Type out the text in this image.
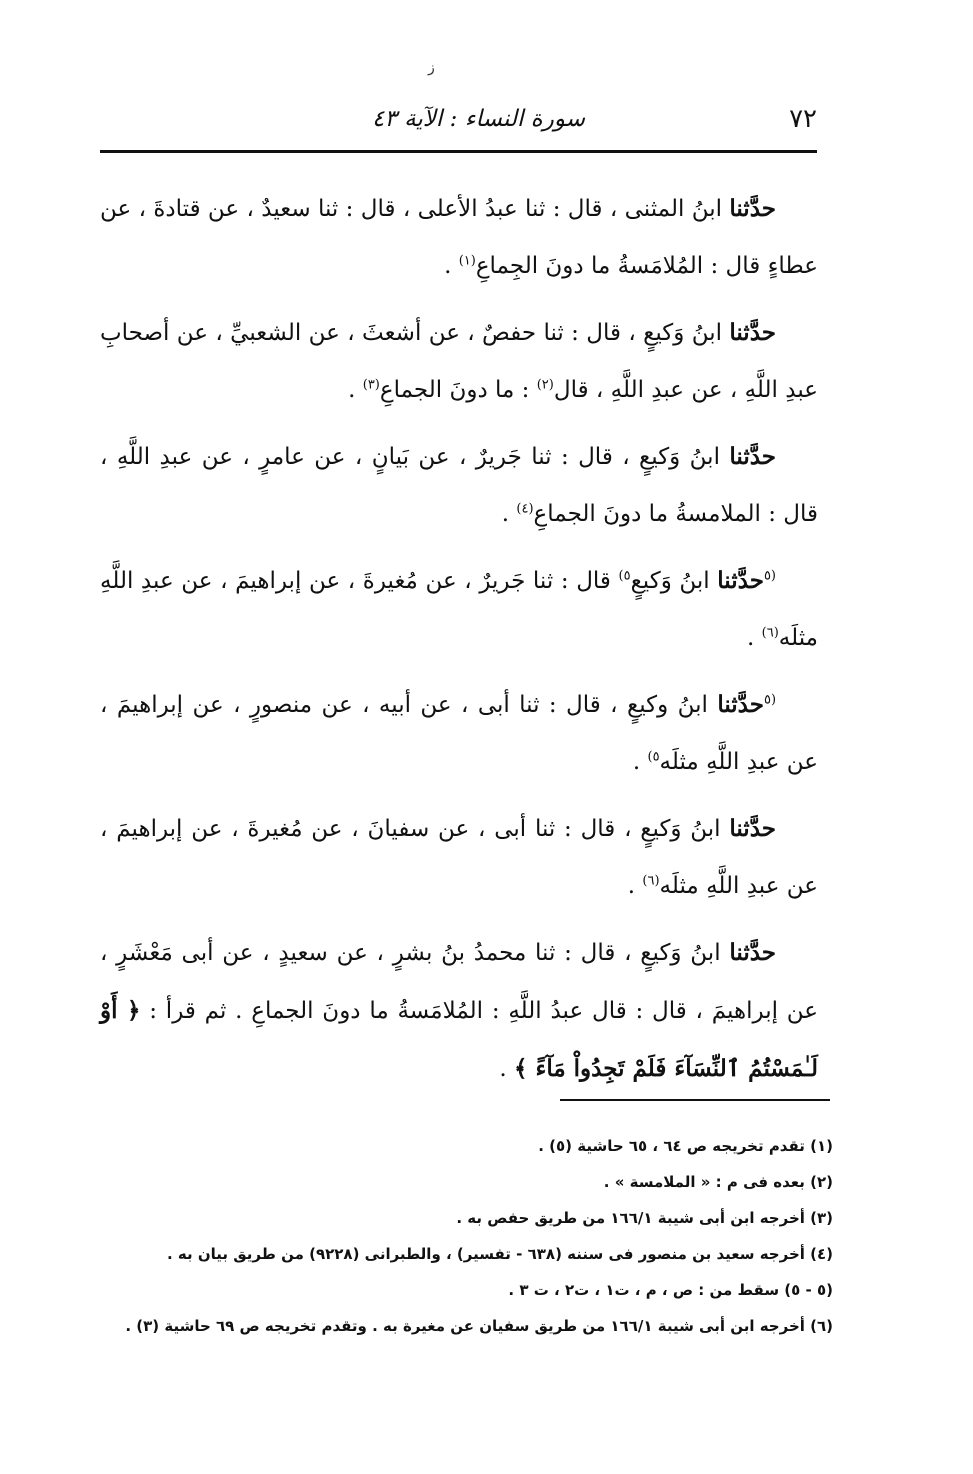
ز
٧٢
سورة النساء : الآية ٤٣

حدَّثنا ابنُ المثنى ، قال : ثنا عبدُ الأعلى ، قال : ثنا سعيدٌ ، عن قتادةَ ، عن عطاءٍ قال : المُلامَسةُ ما دونَ الجِماعِ$^{(١)}$ .

حدَّثنا ابنُ وَكيعٍ ، قال : ثنا حفصٌ ، عن أشعثَ ، عن الشعبيِّ ، عن أصحابِ عبدِ اللَّهِ ، عن عبدِ اللَّهِ ، قال$^{(٢)}$ : ما دونَ الجماعِ$^{(٣)}$ .

حدَّثنا ابنُ وَكيعٍ ، قال : ثنا جَريرٌ ، عن بَيانٍ ، عن عامرٍ ، عن عبدِ اللَّهِ ، قال : الملامسةُ ما دونَ الجماعِ$^{(٤)}$ .

$^{(٥}$حدَّثنا ابنُ وَكيعٍ$^{٥)}$ قال : ثنا جَريرٌ ، عن مُغيرةَ ، عن إبراهيمَ ، عن عبدِ اللَّهِ مثلَه$^{(٦)}$ .

$^{(٥}$حدَّثنا ابنُ وكيعٍ ، قال : ثنا أبى ، عن أبيه ، عن منصورٍ ، عن إبراهيمَ ، عن عبدِ اللَّهِ مثلَه$^{٥)}$ .

حدَّثنا ابنُ وَكيعٍ ، قال : ثنا أبى ، عن سفيانَ ، عن مُغيرةَ ، عن إبراهيمَ ، عن عبدِ اللَّهِ مثلَه$^{(٦)}$ .

حدَّثنا ابنُ وَكيعٍ ، قال : ثنا محمدُ بنُ بشرٍ ، عن سعيدٍ ، عن أبى مَعْشَرٍ ، عن إبراهيمَ ، قال : قال عبدُ اللَّهِ : المُلامَسةُ ما دونَ الجماعِ . ثم قرأ : ﴿ أَوْ لَـٰمَسْتُمُ ٱلنِّسَآءَ فَلَمْ تَجِدُواْ مَآءً ﴾ .

(١) تقدم تخريجه ص ٦٤ ، ٦٥ حاشية (٥) .

(٢) بعده فى م : « الملامسة » .

(٣) أخرجه ابن أبى شيبة ١٦٦/١ من طريق حفص به .

(٤) أخرجه سعيد بن منصور فى سننه (٦٣٨ - تفسير) ، والطبرانى (٩٢٢٨) من طريق بيان به .

(٥ - ٥) سقط من : ص ، م ، ت١ ، ت٢ ، ت ٣ .

(٦) أخرجه ابن أبى شيبة ١٦٦/١ من طريق سفيان عن مغيرة به . وتقدم تخريجه ص ٦٩ حاشية (٣) .
